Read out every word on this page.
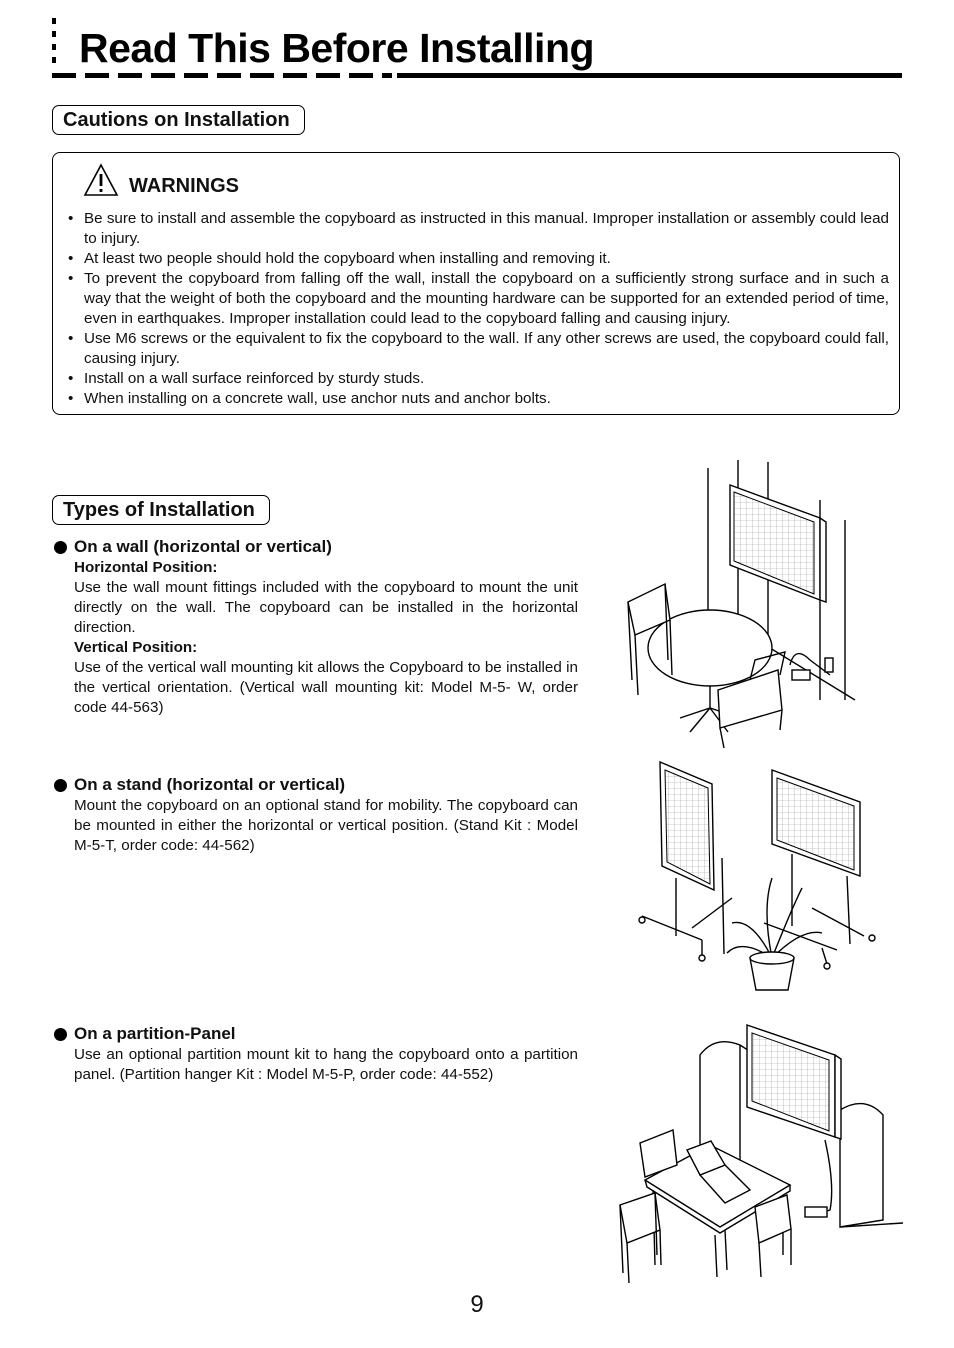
Read This Before Installing
Cautions on Installation
WARNINGS
• Be sure to install and assemble the copyboard as instructed in this manual. Improper installation or assembly could lead to injury.
• At least two people should hold the copyboard when installing and removing it.
• To prevent the copyboard from falling off the wall, install the copyboard on a sufficiently strong surface and in such a way that the weight of both the copyboard and the mounting hardware can be supported for an extended period of time, even in earthquakes. Improper installation could lead to the copyboard falling and causing injury.
• Use M6 screws or the equivalent to fix the copyboard to the wall. If any other screws are used, the copyboard could fall, causing injury.
• Install on a wall surface reinforced by sturdy studs.
• When installing on a concrete wall, use anchor nuts and anchor bolts.
Types of Installation
On a wall (horizontal or vertical)
Horizontal Position:
Use the wall mount fittings included with the copyboard to mount the unit directly on the wall. The copyboard can be installed in the horizontal direction.
Vertical Position:
Use of the vertical wall mounting kit allows the Copyboard to be installed in the vertical orientation. (Vertical wall mounting kit: Model M-5- W, order code 44-563)
On a stand (horizontal or vertical)
Mount the copyboard on an optional stand for mobility. The copyboard can be mounted in either the horizontal or vertical position. (Stand Kit : Model M-5-T, order code: 44-562)
On a partition-Panel
Use an optional partition mount kit to hang the copyboard onto a partition panel. (Partition hanger Kit : Model M-5-P, order code: 44-552)
9
